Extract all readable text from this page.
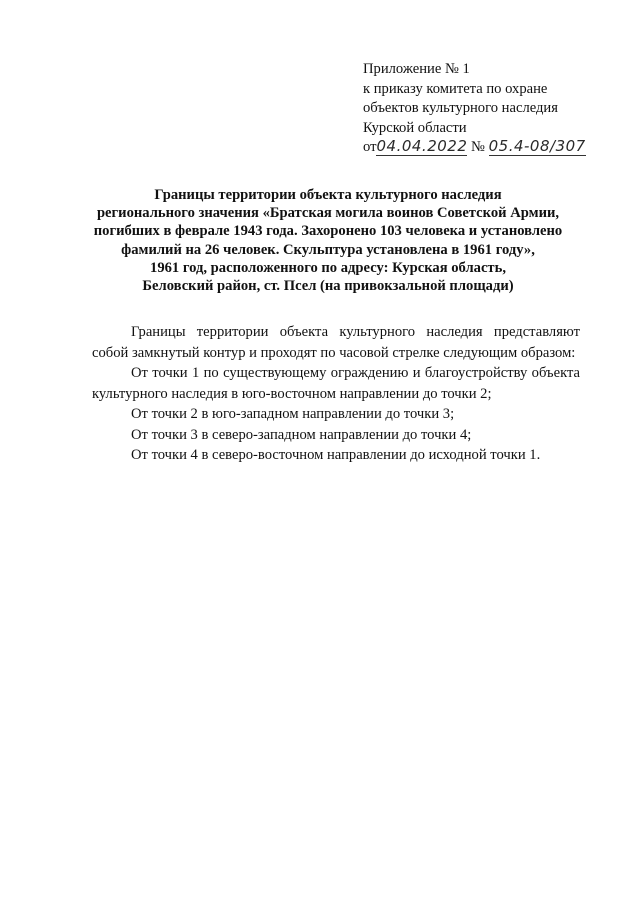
Приложение № 1
к приказу комитета по охране
объектов культурного наследия
Курской области
от04.04.2022 № 05.4-08/307
Границы территории объекта культурного наследия
регионального значения «Братская могила воинов Советской Армии,
погибших в феврале 1943 года. Захоронено 103 человека и установлено
фамилий на 26 человек. Скульптура установлена в 1961 году»,
1961 год, расположенного по адресу: Курская область,
Беловский район, ст. Псел (на привокзальной площади)

Границы территории объекта культурного наследия представляют собой замкнутый контур и проходят по часовой стрелке следующим образом:

От точки 1 по существующему ограждению и благоустройству объекта культурного наследия в юго-восточном направлении до точки 2;

От точки 2 в юго-западном направлении до точки 3;

От точки 3 в северо-западном направлении до точки 4;

От точки 4 в северо-восточном направлении до исходной точки 1.
